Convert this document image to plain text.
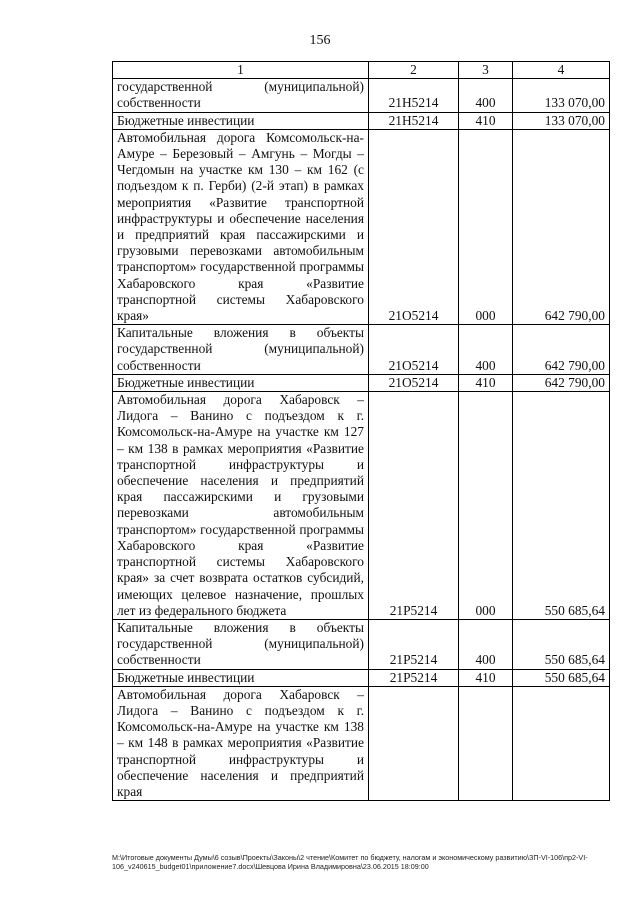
156
1	2	3	4
государственной (муниципальной) собственности	21H5214	400	133 070,00
Бюджетные инвестиции	21H5214	410	133 070,00
Автомобильная дорога Комсомольск-на-Амуре – Березовый – Амгунь – Могды – Чегдомын на участке км 130 – км 162 (с подъездом к п. Герби) (2-й этап) в рамках мероприятия «Развитие транспортной инфраструктуры и обеспечение населения и предприятий края пассажирскими и грузовыми перевозками автомобильным транспортом» государственной программы Хабаровского края «Развитие транспортной системы Хабаровского края»	21O5214	000	642 790,00
Капитальные вложения в объекты государственной (муниципальной) собственности	21O5214	400	642 790,00
Бюджетные инвестиции	21O5214	410	642 790,00
Автомобильная дорога Хабаровск – Лидога – Ванино с подъездом к г. Комсомольск-на-Амуре на участке км 127 – км 138 в рамках мероприятия «Развитие транспортной инфраструктуры и обеспечение населения и предприятий края пассажирскими и грузовыми перевозками автомобильным транспортом» государственной программы Хабаровского края «Развитие транспортной системы Хабаровского края» за счет возврата остатков субсидий, имеющих целевое назначение, прошлых лет из федерального бюджета	21P5214	000	550 685,64
Капитальные вложения в объекты государственной (муниципальной) собственности	21P5214	400	550 685,64
Бюджетные инвестиции	21P5214	410	550 685,64
Автомобильная дорога Хабаровск – Лидога – Ванино с подъездом к г. Комсомольск-на-Амуре на участке км 138 – км 148 в рамках мероприятия «Развитие транспортной инфраструктуры и обеспечение населения и предприятий края			
М:\Итоговые документы Думы\6 созыв\Проекты\Законы\2 чтение\Комитет по бюджету, налогам и экономическому развитию\ЗП-VI-106\пр2-VI-106_v240615_budget01\приложение7.docx\Шевцова Ирина Владимировна\23.06.2015 18:09:00
